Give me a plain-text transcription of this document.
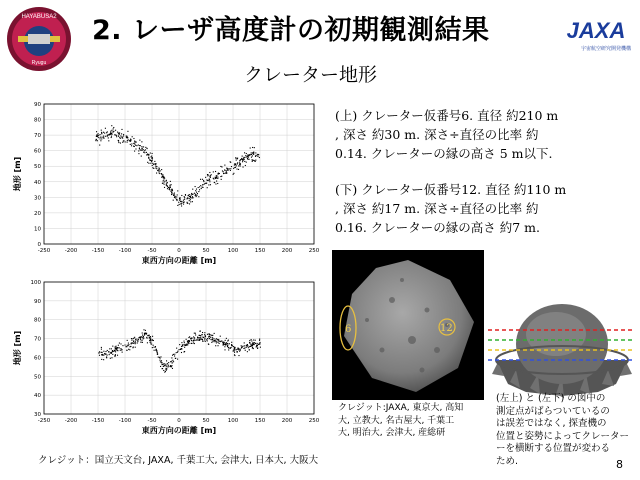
HAYABUSA2
Ryugu
2. レーザ高度計の初期観測結果
クレーター地形
JAXA
宇宙航空研究開発機構
-250	-200	-150	-100	-50	0	50	100	150	200	250
0
10
20
30
40
50
60
70
80
90
東西方向の距離 [m]
地形 [m]
-250	-200	-150	-100	-50	0	50	100	150	200	250
30
40
50
60
70
80
90
100
東西方向の距離 [m]
地形 [m]
(上) クレーター仮番号6. 直径 約210 m
, 深さ 約30 m. 深さ÷直径の比率 約
0.14. クレーターの縁の高さ 5 m以下.
(下) クレーター仮番号12. 直径 約110 m
, 深さ 約17 m. 深さ÷直径の比率 約
0.16. クレーターの縁の高さ 約7 m.
6	12
クレジット:JAXA, 東京大, 高知
大, 立教大, 名古屋大, 千葉工
大, 明治大, 会津大, 産総研
(左上) と (左下) の図中の
測定点がばらついているの
は誤差ではなく, 探査機の
位置と姿勢によってクレーター
ーを横断する位置が変わる
ため.
クレジット：国立天文台, JAXA, 千葉工大, 会津大, 日本大, 大阪大	8
